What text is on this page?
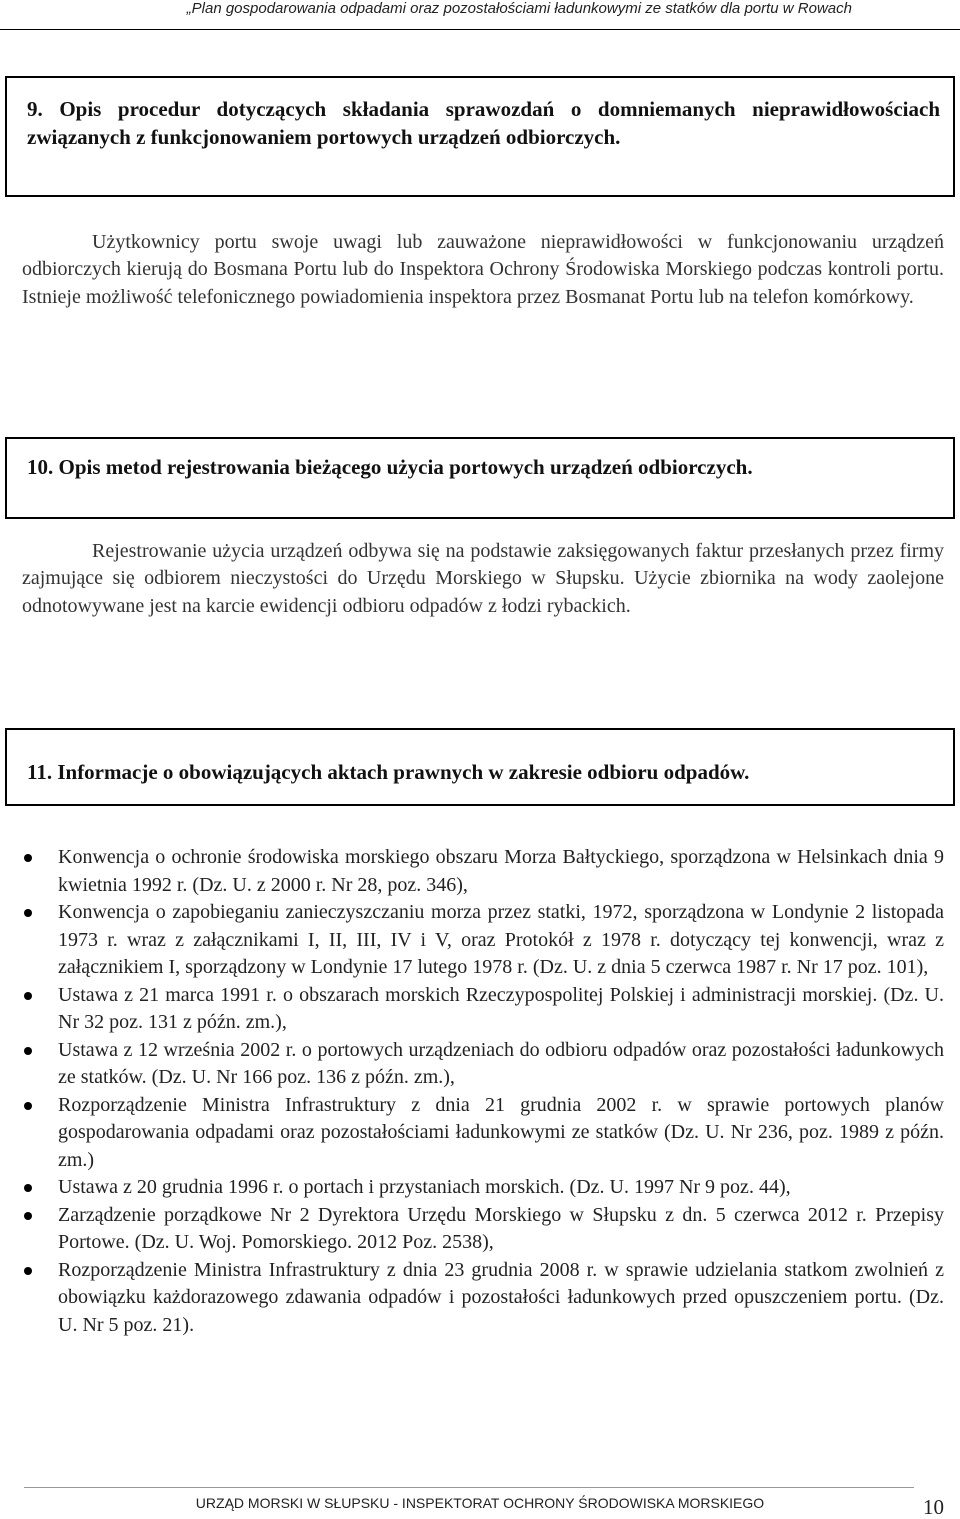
„Plan gospodarowania odpadami oraz pozostałościami ładunkowymi ze statków dla portu w Rowach
9. Opis procedur dotyczących składania sprawozdań o domniemanych nieprawidłowościach związanych z funkcjonowaniem portowych urządzeń odbiorczych.

Użytkownicy portu swoje uwagi lub zauważone nieprawidłowości w funkcjonowaniu urządzeń odbiorczych kierują do Bosmana Portu lub do Inspektora Ochrony Środowiska Morskiego podczas kontroli portu. Istnieje możliwość telefonicznego powiadomienia inspektora przez Bosmanat Portu lub na telefon komórkowy.

10. Opis metod rejestrowania bieżącego użycia portowych urządzeń odbiorczych.

Rejestrowanie użycia urządzeń odbywa się na podstawie zaksięgowanych faktur przesłanych przez firmy zajmujące się odbiorem nieczystości do Urzędu Morskiego w Słupsku. Użycie zbiornika na wody zaolejone odnotowywane jest na karcie ewidencji odbioru odpadów z łodzi rybackich.

11. Informacje o obowiązujących aktach prawnych w zakresie odbioru odpadów.
Konwencja o ochronie środowiska morskiego obszaru Morza Bałtyckiego, sporządzona w Helsinkach dnia 9 kwietnia 1992 r. (Dz. U. z 2000 r. Nr 28, poz. 346),
Konwencja o zapobieganiu zanieczyszczaniu morza przez statki, 1972, sporządzona w Londynie 2 listopada 1973 r. wraz z załącznikami I, II, III, IV i V, oraz Protokół z 1978 r. dotyczący tej konwencji, wraz z załącznikiem I, sporządzony w Londynie 17 lutego 1978 r. (Dz. U. z dnia 5 czerwca 1987 r. Nr 17 poz. 101),
Ustawa z 21 marca 1991 r. o obszarach morskich Rzeczypospolitej Polskiej i administracji morskiej. (Dz. U. Nr 32 poz. 131 z późn. zm.),
Ustawa z 12 września 2002 r. o portowych urządzeniach do odbioru odpadów oraz pozostałości ładunkowych ze statków. (Dz. U. Nr 166 poz. 136 z późn. zm.),
Rozporządzenie Ministra Infrastruktury z dnia 21 grudnia 2002 r. w sprawie portowych planów gospodarowania odpadami oraz pozostałościami ładunkowymi ze statków (Dz. U. Nr 236, poz. 1989 z późn. zm.)
Ustawa z 20 grudnia 1996 r. o portach i przystaniach morskich. (Dz. U. 1997 Nr 9 poz. 44),
Zarządzenie porządkowe Nr 2 Dyrektora Urzędu Morskiego w Słupsku z dn. 5 czerwca 2012 r. Przepisy Portowe. (Dz. U. Woj. Pomorskiego. 2012 Poz. 2538),
Rozporządzenie Ministra Infrastruktury z dnia 23 grudnia 2008 r. w sprawie udzielania statkom zwolnień z obowiązku każdorazowego zdawania odpadów i pozostałości ładunkowych przed opuszczeniem portu. (Dz. U. Nr 5 poz. 21).
URZĄD MORSKI W SŁUPSKU - INSPEKTORAT OCHRONY ŚRODOWISKA MORSKIEGO	10
